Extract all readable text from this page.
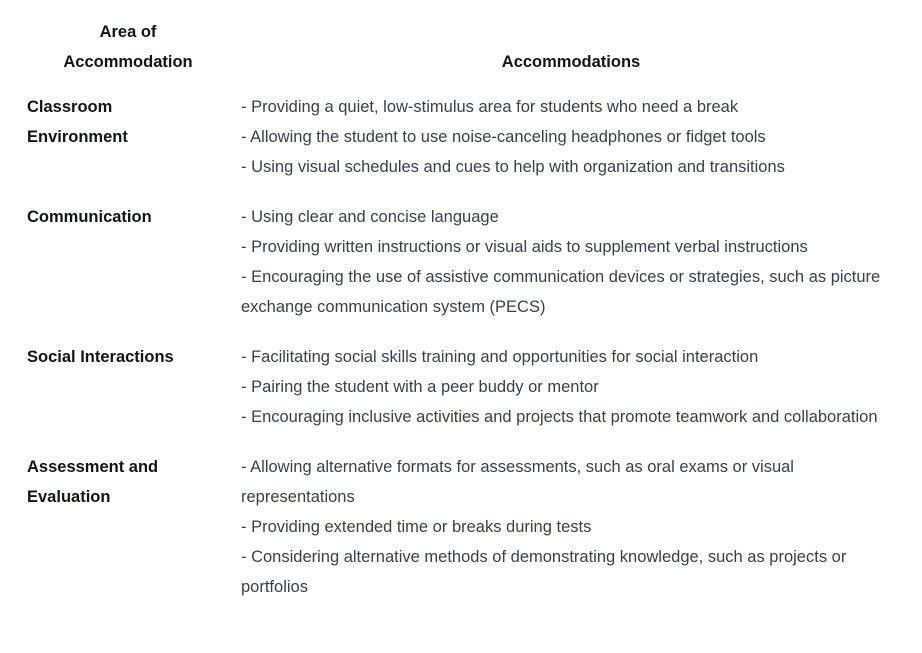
Area of
Accommodation	Accommodations

Classroom
Environment	- Providing a quiet, low-stimulus area for students who need a break
- Allowing the student to use noise-canceling headphones or fidget tools
- Using visual schedules and cues to help with organization and transitions

Communication	- Using clear and concise language
- Providing written instructions or visual aids to supplement verbal instructions
- Encouraging the use of assistive communication devices or strategies, such as picture exchange communication system (PECS)

Social Interactions	- Facilitating social skills training and opportunities for social interaction
- Pairing the student with a peer buddy or mentor
- Encouraging inclusive activities and projects that promote teamwork and collaboration

Assessment and
Evaluation	- Allowing alternative formats for assessments, such as oral exams or visual representations
- Providing extended time or breaks during tests
- Considering alternative methods of demonstrating knowledge, such as projects or portfolios
